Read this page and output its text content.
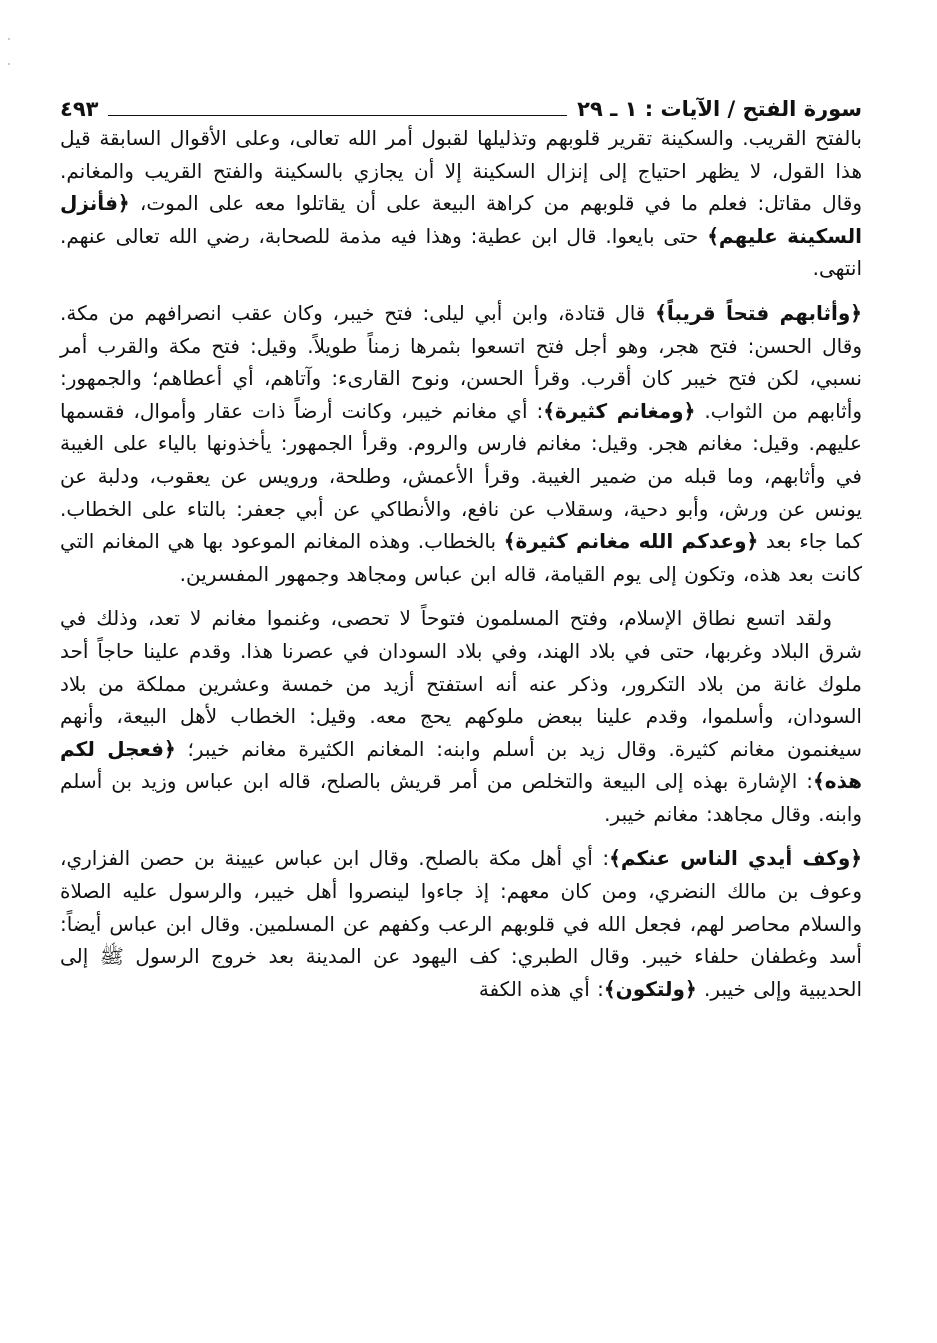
سورة الفتح / الآيات : ١ ـ ٢٩
٤٩٣

بالفتح القريب. والسكينة تقرير قلوبهم وتذليلها لقبول أمر الله تعالى، وعلى الأقوال السابقة قيل هذا القول، لا يظهر احتياج إلى إنزال السكينة إلا أن يجازي بالسكينة والفتح القريب والمغانم. وقال مقاتل: فعلم ما في قلوبهم من كراهة البيعة على أن يقاتلوا معه على الموت، ﴿فأنزل السكينة عليهم﴾ حتى بايعوا. قال ابن عطية: وهذا فيه مذمة للصحابة، رضي الله تعالى عنهم. انتهى.

﴿وأثابهم فتحاً قريباً﴾ قال قتادة، وابن أبي ليلى: فتح خيبر، وكان عقب انصرافهم من مكة. وقال الحسن: فتح هجر، وهو أجل فتح اتسعوا بثمرها زمناً طويلاً. وقيل: فتح مكة والقرب أمر نسبي، لكن فتح خيبر كان أقرب. وقرأ الحسن، ونوح القارىء: وآتاهم، أي أعطاهم؛ والجمهور: وأثابهم من الثواب. ﴿ومغانم كثيرة﴾: أي مغانم خيبر، وكانت أرضاً ذات عقار وأموال، فقسمها عليهم. وقيل: مغانم هجر. وقيل: مغانم فارس والروم. وقرأ الجمهور: يأخذونها بالياء على الغيبة في وأثابهم، وما قبله من ضمير الغيبة. وقرأ الأعمش، وطلحة، ورويس عن يعقوب، ودلبة عن يونس عن ورش، وأبو دحية، وسقلاب عن نافع، والأنطاكي عن أبي جعفر: بالتاء على الخطاب. كما جاء بعد ﴿وعدكم الله مغانم كثيرة﴾ بالخطاب. وهذه المغانم الموعود بها هي المغانم التي كانت بعد هذه، وتكون إلى يوم القيامة، قاله ابن عباس ومجاهد وجمهور المفسرين.

ولقد اتسع نطاق الإسلام، وفتح المسلمون فتوحاً لا تحصى، وغنموا مغانم لا تعد، وذلك في شرق البلاد وغربها، حتى في بلاد الهند، وفي بلاد السودان في عصرنا هذا. وقدم علينا حاجاً أحد ملوك غانة من بلاد التكرور، وذكر عنه أنه استفتح أزيد من خمسة وعشرين مملكة من بلاد السودان، وأسلموا، وقدم علينا ببعض ملوكهم يحج معه. وقيل: الخطاب لأهل البيعة، وأنهم سيغنمون مغانم كثيرة. وقال زيد بن أسلم وابنه: المغانم الكثيرة مغانم خيبر؛ ﴿فعجل لكم هذه﴾: الإشارة بهذه إلى البيعة والتخلص من أمر قريش بالصلح، قاله ابن عباس وزيد بن أسلم وابنه. وقال مجاهد: مغانم خيبر.

﴿وكف أيدي الناس عنكم﴾: أي أهل مكة بالصلح. وقال ابن عباس عيينة بن حصن الفزاري، وعوف بن مالك النضري، ومن كان معهم: إذ جاءوا لينصروا أهل خيبر، والرسول عليه الصلاة والسلام محاصر لهم، فجعل الله في قلوبهم الرعب وكفهم عن المسلمين. وقال ابن عباس أيضاً: أسد وغطفان حلفاء خيبر. وقال الطبري: كف اليهود عن المدينة بعد خروج الرسول ﷺ إلى الحديبية وإلى خيبر. ﴿ولتكون﴾: أي هذه الكفة
